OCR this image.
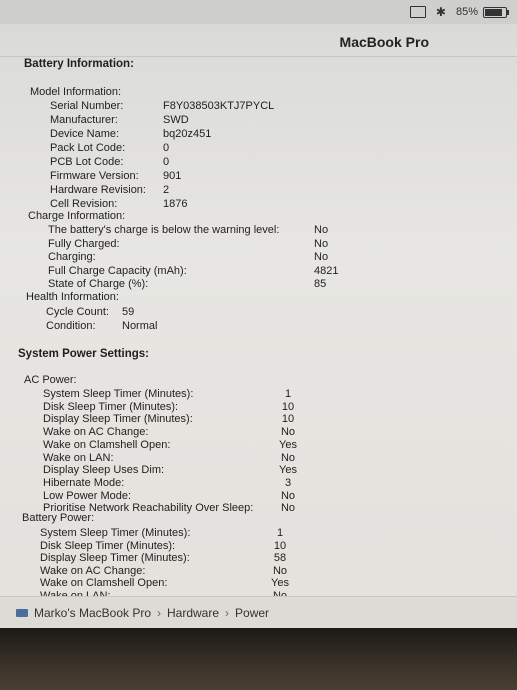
✱ 85%
MacBook Pro
Battery Information:
Model Information:
Serial Number:	F8Y038503KTJ7PYCL
Manufacturer:	SWD
Device Name:	bq20z451
Pack Lot Code:	0
PCB Lot Code:	0
Firmware Version: 901
Hardware Revision: 2
Cell Revision:	1876
Charge Information:
The battery's charge is below the warning level:	No
Fully Charged:	No
Charging:	No
Full Charge Capacity (mAh):	4821
State of Charge (%):	85
Health Information:
Cycle Count: 59
Condition: Normal
System Power Settings:
AC Power:
System Sleep Timer (Minutes):	1
Disk Sleep Timer (Minutes):	10
Display Sleep Timer (Minutes):	10
Wake on AC Change:	No
Wake on Clamshell Open:	Yes
Wake on LAN:	No
Display Sleep Uses Dim:	Yes
Hibernate Mode:	3
Low Power Mode:	No
Prioritise Network Reachability Over Sleep:	No
Battery Power:
System Sleep Timer (Minutes):	1
Disk Sleep Timer (Minutes):	10
Display Sleep Timer (Minutes):	58
Wake on AC Change:	No
Wake on Clamshell Open:	Yes
Marko's MacBook Pro › Hardware › Power
